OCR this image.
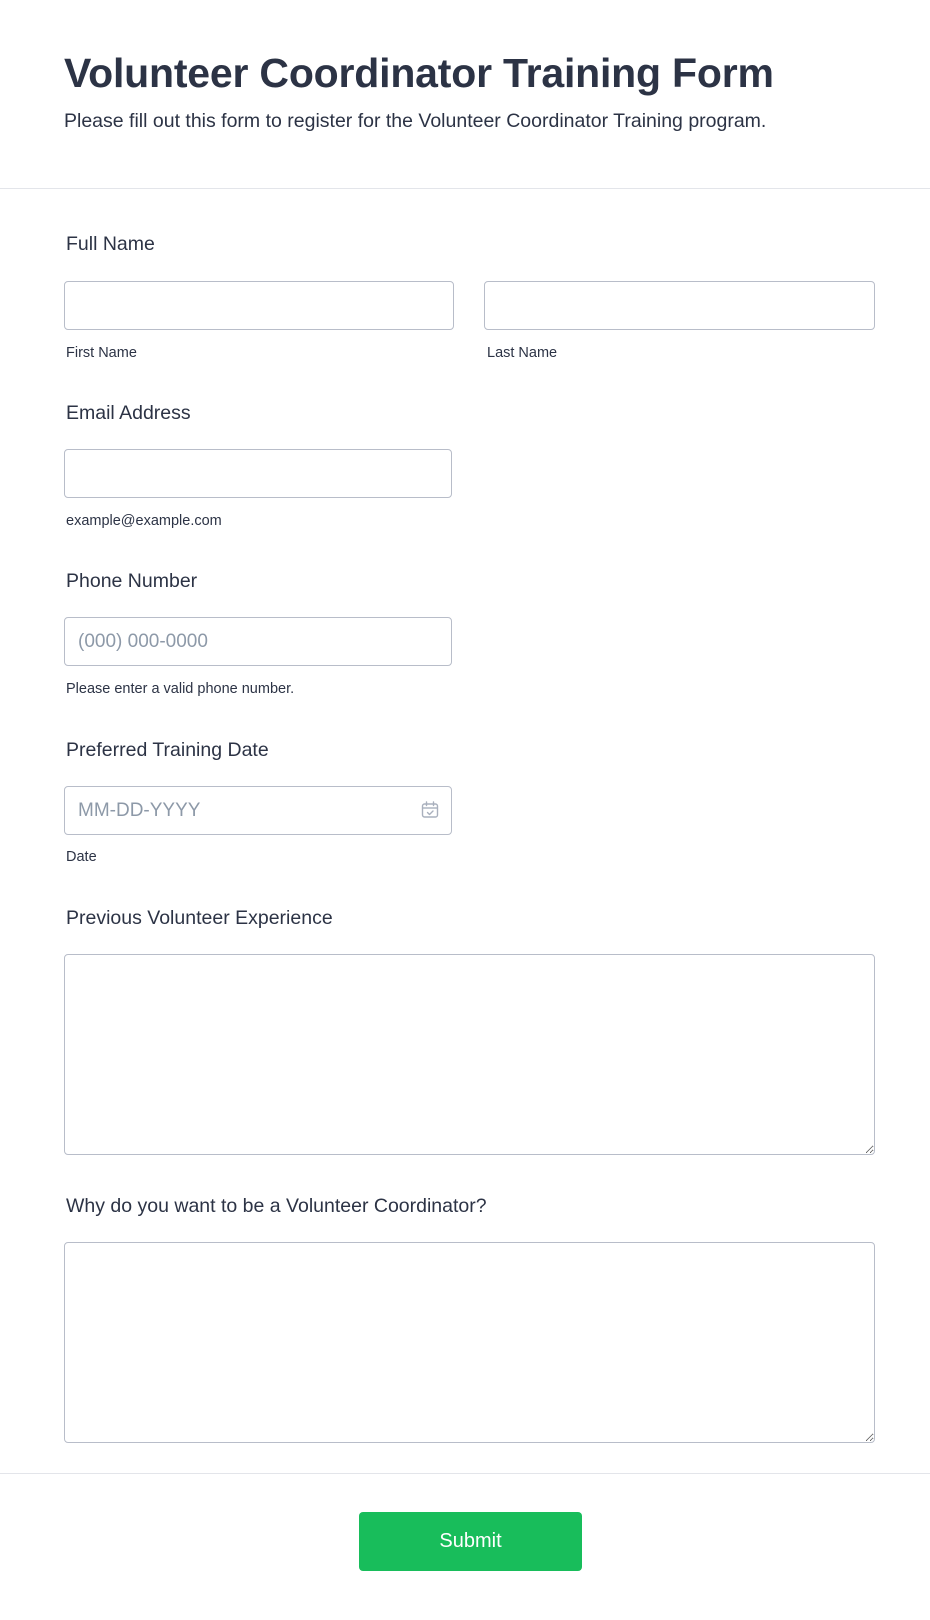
Volunteer Coordinator Training Form

Please fill out this form to register for the Volunteer Coordinator Training program.

Full Name
First Name	Last Name
Email Address
example@example.com
Phone Number
(000) 000-0000
Please enter a valid phone number.
Preferred Training Date
MM-DD-YYYY
Date
Previous Volunteer Experience
Why do you want to be a Volunteer Coordinator?
Submit
